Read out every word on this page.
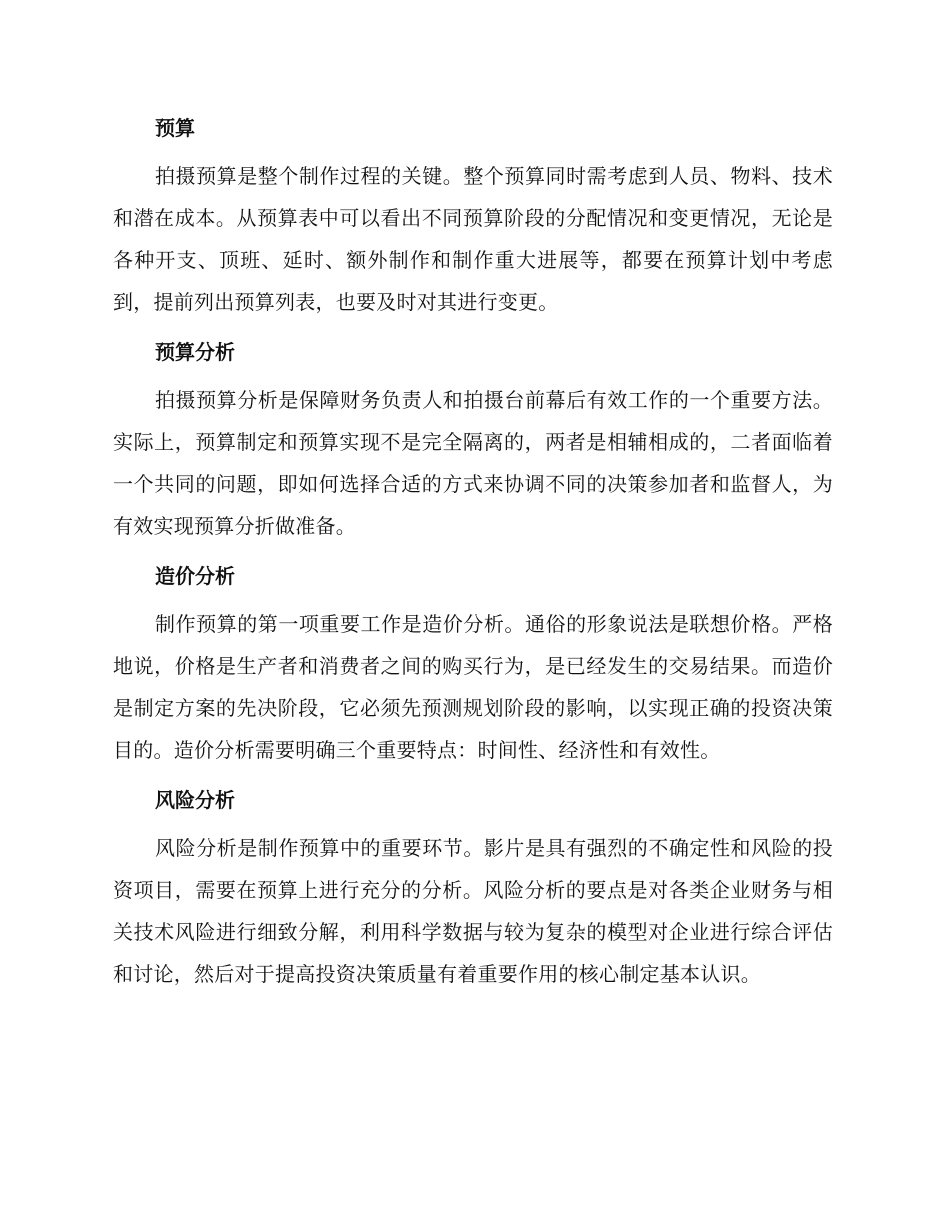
预算

拍摄预算是整个制作过程的关键。整个预算同时需考虑到人员、物料、技术和潜在成本。从预算表中可以看出不同预算阶段的分配情况和变更情况，无论是各种开支、顶班、延时、额外制作和制作重大进展等，都要在预算计划中考虑到，提前列出预算列表，也要及时对其进行变更。

预算分析

拍摄预算分析是保障财务负责人和拍摄台前幕后有效工作的一个重要方法。实际上，预算制定和预算实现不是完全隔离的，两者是相辅相成的，二者面临着一个共同的问题，即如何选择合适的方式来协调不同的决策参加者和监督人，为有效实现预算分折做准备。

造价分析

制作预算的第一项重要工作是造价分析。通俗的形象说法是联想价格。严格地说，价格是生产者和消费者之间的购买行为，是已经发生的交易结果。而造价是制定方案的先决阶段，它必须先预测规划阶段的影响，以实现正确的投资决策目的。造价分析需要明确三个重要特点：时间性、经济性和有效性。

风险分析

风险分析是制作预算中的重要环节。影片是具有强烈的不确定性和风险的投资项目，需要在预算上进行充分的分析。风险分析的要点是对各类企业财务与相关技术风险进行细致分解，利用科学数据与较为复杂的模型对企业进行综合评估和讨论，然后对于提高投资决策质量有着重要作用的核心制定基本认识。
